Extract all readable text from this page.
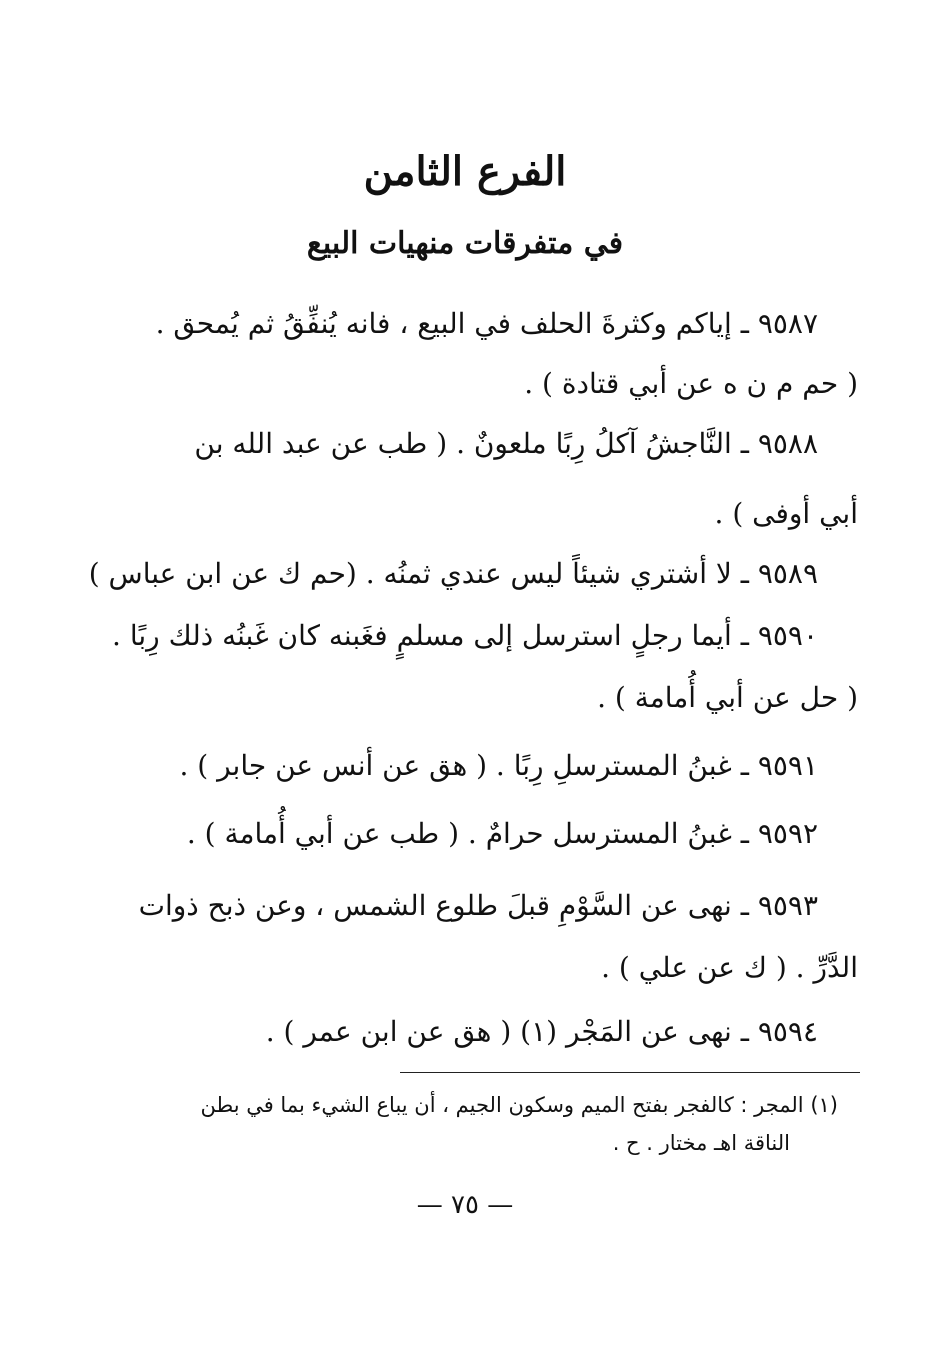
الفرع الثامن
في متفرقات منهيات البيع
٩٥٨٧ ـ إياكم وكثرةَ الحلف في البيع ، فانه يُنفِّقُ ثم يُمحق .
( حم م ن ه عن أبي قتادة ) .
٩٥٨٨ ـ النَّاجشُ آكلُ رِبًا ملعونٌ . ( طب عن عبد الله بن
أبي أوفى ) .
٩٥٨٩ ـ لا أشتري شيئاً ليس عندي ثمنُه . (حم ك عن ابن عباس )
٩٥٩٠ ـ أيما رجلٍ استرسل إلى مسلمٍ فغَبنه كان غَبنُه ذلك رِبًا .
( حل عن أبي أُمامة ) .
٩٥٩١ ـ غبنُ المسترسلِ رِبًا . ( هق عن أنس عن جابر ) .
٩٥٩٢ ـ غبنُ المسترسل حرامٌ . ( طب عن أبي أُمامة ) .
٩٥٩٣ ـ نهى عن السَّوْمِ قبلَ طلوع الشمس ، وعن ذبح ذوات
الدَّرِّ . ( ك عن علي ) .
٩٥٩٤ ـ نهى عن المَجْر (١) ( هق عن ابن عمر ) .
(١) المجر : كالفجر بفتح الميم وسكون الجيم ، أن يباع الشيء بما في بطن
الناقة اهـ مختار . ح .
— ٧٥ —
